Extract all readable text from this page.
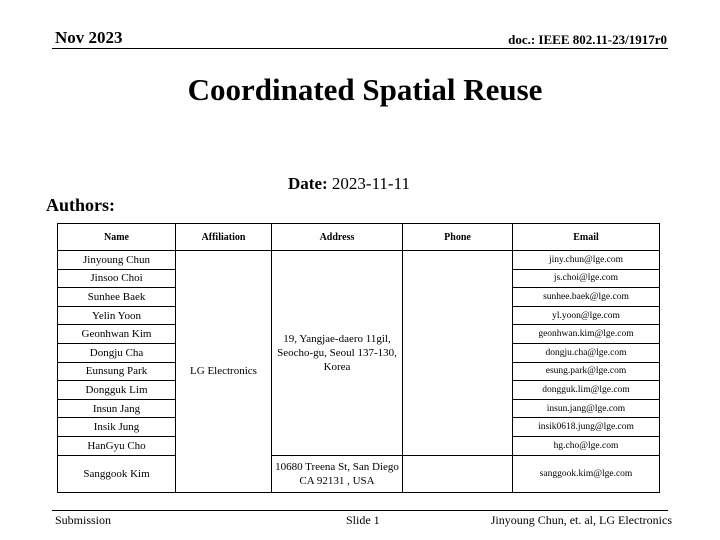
Nov 2023	doc.: IEEE 802.11-23/1917r0
Coordinated Spatial Reuse
Date: 2023-11-11
Authors:
Name	Affiliation	Address	Phone	Email
Jinyoung Chun	LG Electronics	19, Yangjae-daero 11gil, Seocho-gu, Seoul 137-130, Korea		jiny.chun@lge.com
Jinsoo Choi				js.choi@lge.com
Sunhee Baek				sunhee.baek@lge.com
Yelin Yoon				yl.yoon@lge.com
Geonhwan Kim				geonhwan.kim@lge.com
Dongju Cha				dongju.cha@lge.com
Eunsung Park				esung.park@lge.com
Dongguk Lim				dongguk.lim@lge.com
Insun Jang				insun.jang@lge.com
Insik Jung				insik0618.jung@lge.com
HanGyu Cho				hg.cho@lge.com
Sanggook Kim		10680 Treena St, San Diego CA 92131 , USA		sanggook.kim@lge.com
Submission	Slide 1	Jinyoung Chun, et. al, LG Electronics
